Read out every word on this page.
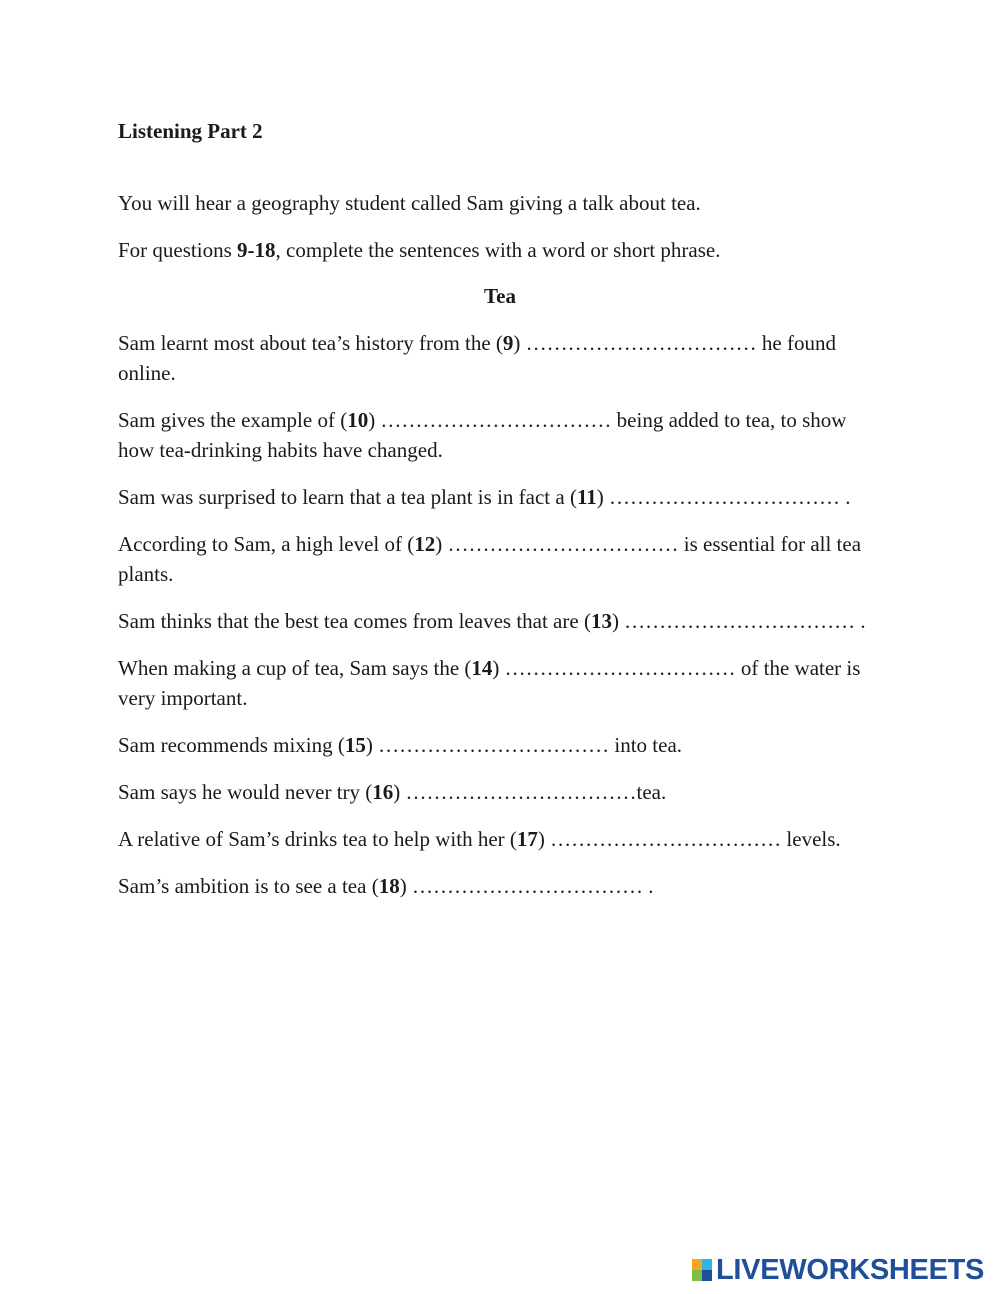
Listening Part 2

You will hear a geography student called Sam giving a talk about tea.

For questions 9-18, complete the sentences with a word or short phrase.

Tea

Sam learnt most about tea’s history from the (9) …………………………… he found online.

Sam gives the example of (10) …………………………… being added to tea, to show how tea-drinking habits have changed.

Sam was surprised to learn that a tea plant is in fact a (11) …………………………… .

According to Sam, a high level of (12) …………………………… is essential for all tea plants.

Sam thinks that the best tea comes from leaves that are (13) …………………………… .

When making a cup of tea, Sam says the (14) …………………………… of the water is very important.

Sam recommends mixing (15) …………………………… into tea.

Sam says he would never try (16) ……………………………tea.

A relative of Sam’s drinks tea to help with her (17) …………………………… levels.

Sam’s ambition is to see a tea (18) …………………………… .

LIVEWORKSHEETS
